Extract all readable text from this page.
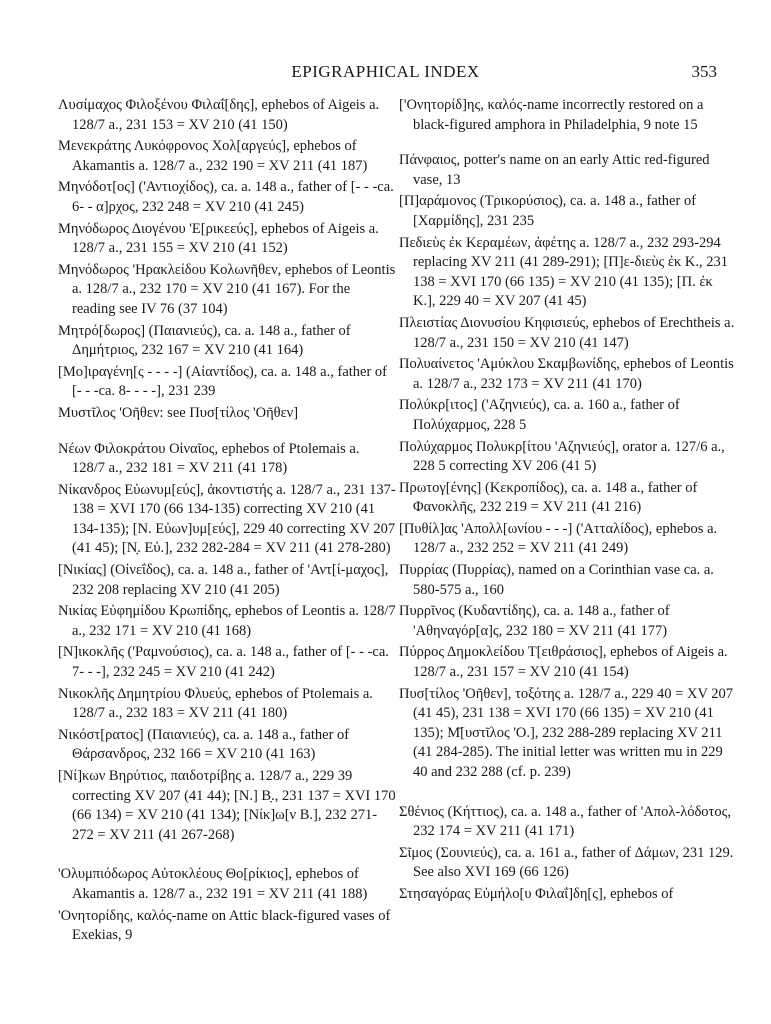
EPIGRAPHICAL INDEX	353

Λυσίμαχος Φιλοξένου Φιλαΐ[δης], ephebos of Aigeis a. 128/7 a., 231 153 = XV 210 (41 150)

Μενεκράτης Λυκόφρονος Χολ[αργεύς], ephebos of Akamantis a. 128/7 a., 232 190 = XV 211 (41 187)

Μηνόδοτ[ος] ('Αντιοχίδος), ca. a. 148 a., father of [- - -ca. 6- - α]ρχος, 232 248 = XV 210 (41 245)

Μηνόδωρος Διογένου 'Ε[ρικεεύς], ephebos of Aigeis a. 128/7 a., 231 155 = XV 210 (41 152)

Μηνόδωρος 'Ηρακλείδου Κολωνῆθεν, ephebos of Leontis a. 128/7 a., 232 170 = XV 210 (41 167). For the reading see IV 76 (37 104)

Μητρό[δωρος] (Παιανιεύς), ca. a. 148 a., father of Δημήτριος, 232 167 = XV 210 (41 164)

[Μο]ιραγένη[ς - - - -] (Αἰαντίδος), ca. a. 148 a., father of [- - -ca. 8- - - -], 231 239

Μυστῖλος 'Οῆθεν: see Πυσ[τίλος 'Οῆθεν]

Νέων Φιλοκράτου Οἰναῖος, ephebos of Ptolemais a. 128/7 a., 232 181 = XV 211 (41 178)

Νίκανδρος Εὐωνυμ[εύς], ἀκοντιστής a. 128/7 a., 231 137-138 = XVI 170 (66 134-135) correcting XV 210 (41 134-135); [N. Εὐων]υμ[εύς], 229 40 correcting XV 207 (41 45); [Ν̣. Εὐ.], 232 282-284 = XV 211 (41 278-280)

[Νικίας] (Οἰνεΐδος), ca. a. 148 a., father of 'Αντ[ί-μαχος], 232 208 replacing XV 210 (41 205)

Νικίας Εὐφημίδου Κρωπίδης, ephebos of Leontis a. 128/7 a., 232 171 = XV 210 (41 168)

[Ν]ικοκλῆς ('Ραμνούσιος), ca. a. 148 a., father of [- - -ca. 7- - -], 232 245 = XV 210 (41 242)

Νικοκλῆς Δημητρίου Φλυεύς, ephebos of Ptolemais a. 128/7 a., 232 183 = XV 211 (41 180)

Νικόστ[ρατος] (Παιανιεύς), ca. a. 148 a., father of Θάρσανδρος, 232 166 = XV 210 (41 163)

[Νί]κων Βηρύτιος, παιδοτρίβης a. 128/7 a., 229 39 correcting XV 207 (41 44); [Ν.] Β̣., 231 137 = XVI 170 (66 134) = XV 210 (41 134); [Νίκ]ω[ν Β.], 232 271-272 = XV 211 (41 267-268)

'Ολυμπιόδωρος Αὐτοκλέους Θο[ρίκιος], ephebos of Akamantis a. 128/7 a., 232 191 = XV 211 (41 188)

'Ονητορίδης, καλός-name on Attic black-figured vases of Exekias, 9

['Ονητορίδ]ης, καλός-name incorrectly restored on a black-figured amphora in Philadelphia, 9 note 15

Πάνφαιος, potter's name on an early Attic red-figured vase, 13

[Π]αράμονος (Τρικορύσιος), ca. a. 148 a., father of [Χαρμίδης], 231 235

Πεδιεὺς ἐκ Κεραμέων, ἀφέτης a. 128/7 a., 232 293-294 replacing XV 211 (41 289-291); [Π]ε-διεὺς ἐκ Κ., 231 138 = XVI 170 (66 135) = XV 210 (41 135); [Π. ἐκ Κ.], 229 40 = XV 207 (41 45)

Πλειστίας Διονυσίου Κηφισιεύς, ephebos of Erechtheis a. 128/7 a., 231 150 = XV 210 (41 147)

Πολυαίνετος 'Αμύκλου Σκαμβωνίδης, ephebos of Leontis a. 128/7 a., 232 173 = XV 211 (41 170)

Πολύκρ[ιτος] ('Αζηνιεύς), ca. a. 160 a., father of Πολύχαρμος, 228 5

Πολύχαρμος Πολυκρ[ίτου 'Αζηνιεύς], orator a. 127/6 a., 228 5 correcting XV 206 (41 5)

Πρωτογ[ένης] (Κεκροπίδος), ca. a. 148 a., father of Φανοκλῆς, 232 219 = XV 211 (41 216)

[Πυθίλ]ας 'Απολλ[ωνίου - - -] ('Ατταλίδος), ephebos a. 128/7 a., 232 252 = XV 211 (41 249)

Πυρρίας (Πυρρίας), named on a Corinthian vase ca. a. 580-575 a., 160

Πυρρῖνος (Κυδαντίδης), ca. a. 148 a., father of 'Αθηναγόρ[α]ς, 232 180 = XV 211 (41 177)

Πύρρος Δημοκλείδου Τ[ειθράσιος], ephebos of Aigeis a. 128/7 a., 231 157 = XV 210 (41 154)

Πυσ[τίλος 'Οῆθεν], τοξότης a. 128/7 a., 229 40 = XV 207 (41 45), 231 138 = XVI 170 (66 135) = XV 210 (41 135); Μ̄[υστῖλος 'Ο.], 232 288-289 replacing XV 211 (41 284-285). The initial letter was written mu in 229 40 and 232 288 (cf. p. 239)

Σθένιος (Κήττιος), ca. a. 148 a., father of 'Απολ-λόδοτος, 232 174 = XV 211 (41 171)

Σῖμος (Σουνιεύς), ca. a. 161 a., father of Δάμων, 231 129. See also XVI 169 (66 126)

Στησαγόρας Εὐμήλο[υ Φιλαΐ]δη[ς], ephebos of
